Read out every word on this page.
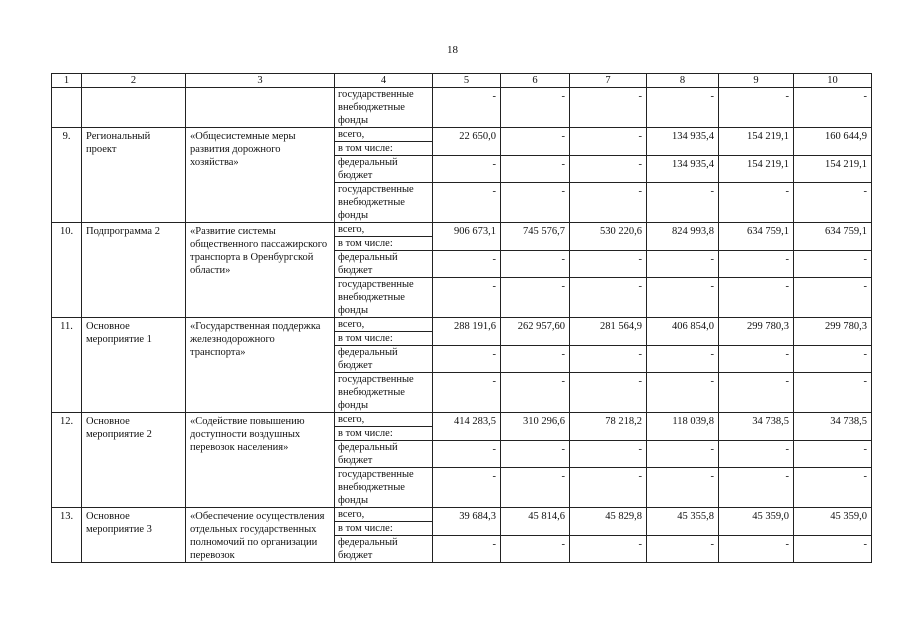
18
1	2	3	4	5	6	7	8	9	10
			государственные внебюджетные фонды	-	-	-	-	-	-
9.	Региональный проект	«Общесистемные меры развития дорожного хозяйства»	всего,	22 650,0	-	-	134 935,4	154 219,1	160 644,9
			в том числе:						
			федеральный бюджет	-	-	-	134 935,4	154 219,1	154 219,1
			государственные внебюджетные фонды	-	-	-	-	-	-
10.	Подпрограмма 2	«Развитие системы общественного пассажирского транспорта в Оренбургской области»	всего,	906 673,1	745 576,7	530 220,6	824 993,8	634 759,1	634 759,1
			в том числе:						
			федеральный бюджет	-	-	-	-	-	-
			государственные внебюджетные фонды	-	-	-	-	-	-
11.	Основное мероприятие 1	«Государственная поддержка железнодорожного транспорта»	всего,	288 191,6	262 957,60	281 564,9	406 854,0	299 780,3	299 780,3
			в том числе:						
			федеральный бюджет	-	-	-	-	-	-
			государственные внебюджетные фонды	-	-	-	-	-	-
12.	Основное мероприятие 2	«Содействие повышению доступности воздушных перевозок населения»	всего,	414 283,5	310 296,6	78 218,2	118 039,8	34 738,5	34 738,5
			в том числе:						
			федеральный бюджет	-	-	-	-	-	-
			государственные внебюджетные фонды	-	-	-	-	-	-
13.	Основное мероприятие 3	«Обеспечение осуществления отдельных государственных полномочий по организации перевозок	всего,	39 684,3	45 814,6	45 829,8	45 355,8	45 359,0	45 359,0
			в том числе:						
			федеральный бюджет	-	-	-	-	-	-
